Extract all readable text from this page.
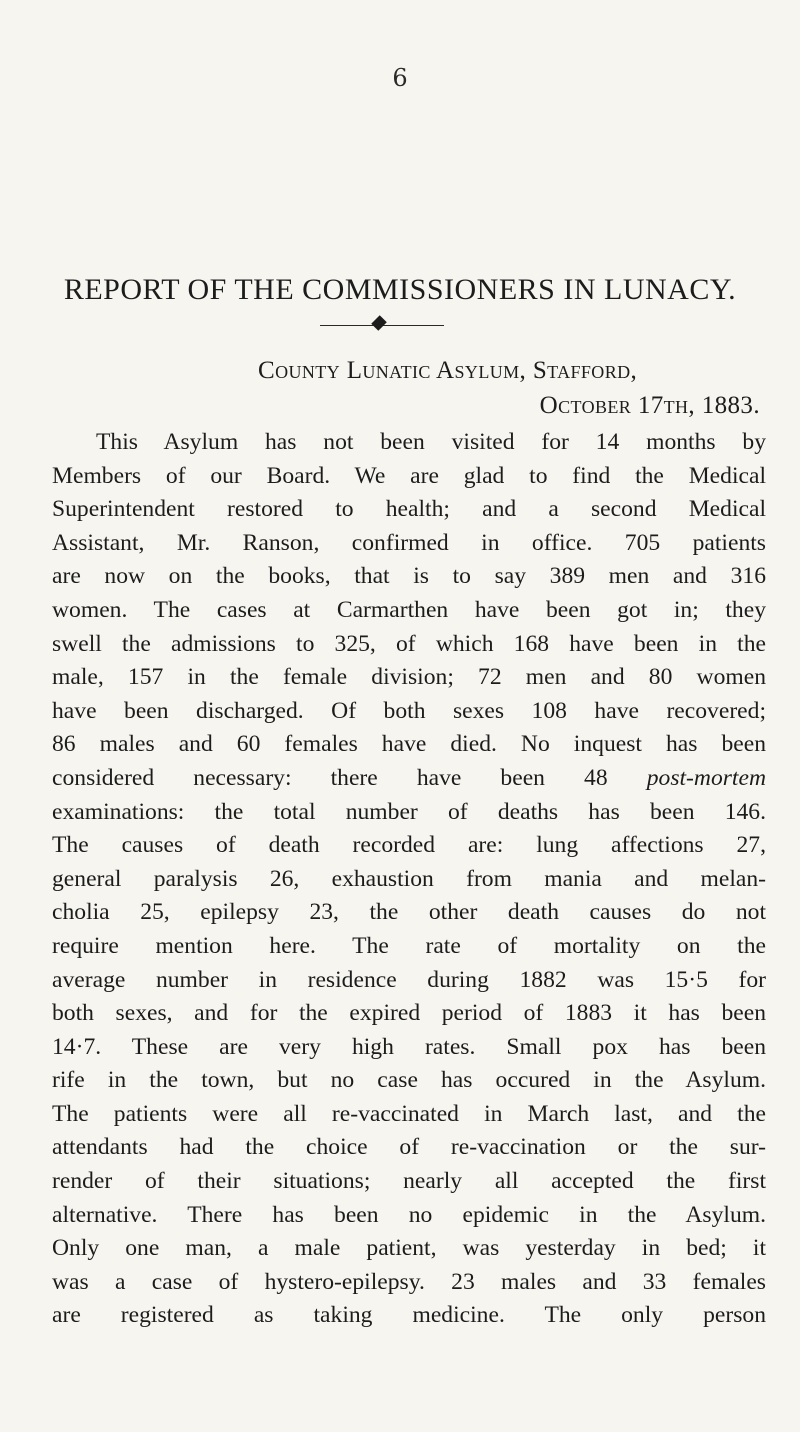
6
REPORT OF THE COMMISSIONERS IN LUNACY.
County Lunatic Asylum, Stafford,
October 17th, 1883.
This Asylum has not been visited for 14 months by
Members of our Board. We are glad to find the Medical
Superintendent restored to health; and a second Medical
Assistant, Mr. Ranson, confirmed in office. 705 patients
are now on the books, that is to say 389 men and 316
women. The cases at Carmarthen have been got in; they
swell the admissions to 325, of which 168 have been in the
male, 157 in the female division; 72 men and 80 women
have been discharged. Of both sexes 108 have recovered;
86 males and 60 females have died. No inquest has been
considered necessary: there have been 48 post-mortem
examinations: the total number of deaths has been 146.
The causes of death recorded are: lung affections 27,
general paralysis 26, exhaustion from mania and melan-
cholia 25, epilepsy 23, the other death causes do not
require mention here. The rate of mortality on the
average number in residence during 1882 was 15·5 for
both sexes, and for the expired period of 1883 it has been
14·7. These are very high rates. Small pox has been
rife in the town, but no case has occured in the Asylum.
The patients were all re-vaccinated in March last, and the
attendants had the choice of re-vaccination or the sur-
render of their situations; nearly all accepted the first
alternative. There has been no epidemic in the Asylum.
Only one man, a male patient, was yesterday in bed; it
was a case of hystero-epilepsy. 23 males and 33 females
are registered as taking medicine. The only person
